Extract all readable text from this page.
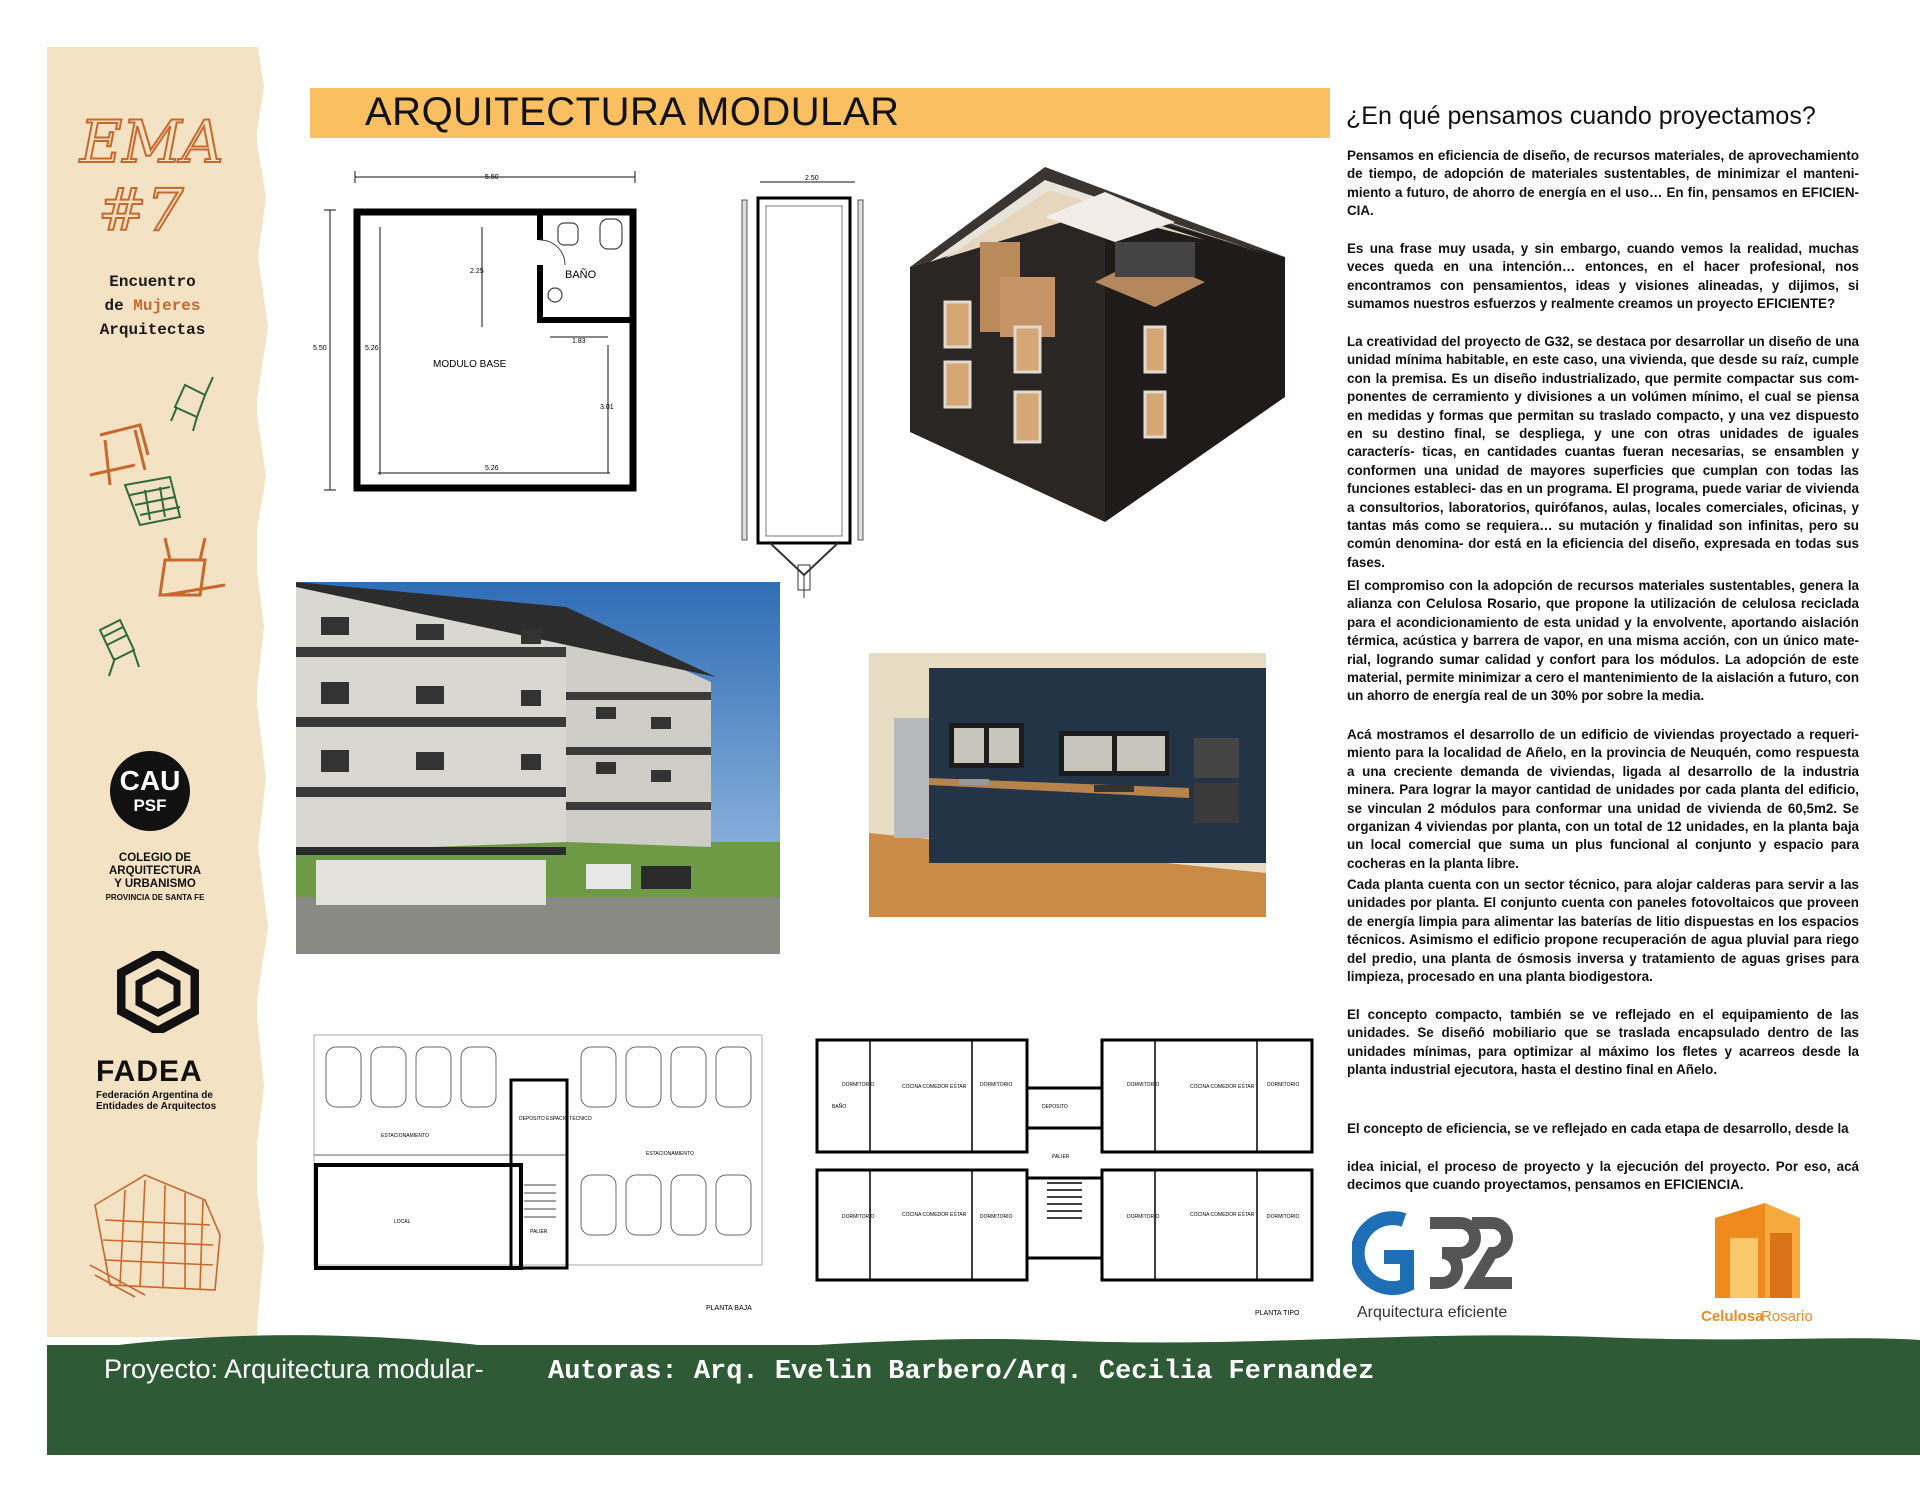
EMA
#7
Encuentro
de Mujeres
Arquitectas
CAU
PSF
COLEGIO DE
ARQUITECTURA
Y URBANISMO
PROVINCIA DE SANTA FE
FADEA
Federación Argentina de Entidades de Arquitectos
ARQUITECTURA MODULAR
BAÑO
MODULO BASE
5.50
5.50	5.26
5.26
2.25
1.83
3.01
2.50
ESTACIONAMIENTO
ESTACIONAMIENTO
DEPOSITO ESPACIO TECNICO
LOCAL
PALIER
PLANTA BAJA
DORMITORIO	COCINA COMEDOR ESTAR	DORMITORIO
BAÑO	DEPOSITO
PALIER
DORMITORIO	COCINA COMEDOR ESTAR	DORMITORIO
DORMITORIO	COCINA COMEDOR ESTAR	DORMITORIO	DORMITORIO	COCINA COMEDOR ESTAR	DORMITORIO
PLANTA TIPO
¿En qué pensamos cuando proyectamos?
Pensamos en eficiencia de diseño, de recursos materiales, de aprovechamiento de tiempo, de adopción de materiales sustentables, de minimizar el manteni- miento a futuro, de ahorro de energía en el uso… En fin, pensamos en EFICIEN- CIA.
Es una frase muy usada, y sin embargo, cuando vemos la realidad, muchas veces queda en una intención… entonces, en el hacer profesional, nos encontramos con pensamientos, ideas y visiones alineadas, y dijimos, si sumamos nuestros esfuerzos y realmente creamos un proyecto EFICIENTE?
La creatividad del proyecto de G32, se destaca por desarrollar un diseño de una unidad mínima habitable, en este caso, una vivienda, que desde su raíz, cumple con la premisa. Es un diseño industrializado, que permite compactar sus com- ponentes de cerramiento y divisiones a un volúmen mínimo, el cual se piensa en medidas y formas que permitan su traslado compacto, y una vez dispuesto en su destino final, se despliega, y une con otras unidades de iguales caracterís- ticas, en cantidades cuantas fueran necesarias, se ensamblen y conformen una unidad de mayores superficies que cumplan con todas las funciones estableci- das en un programa. El programa, puede variar de vivienda a consultorios, laboratorios, quirófanos, aulas, locales comerciales, oficinas, y tantas más como se requiera… su mutación y finalidad son infinitas, pero su común denomina- dor está en la eficiencia del diseño, expresada en todas sus fases.
El compromiso con la adopción de recursos materiales sustentables, genera la alianza con Celulosa Rosario, que propone la utilización de celulosa reciclada para el acondicionamiento de esta unidad y la envolvente, aportando aislación térmica, acústica y barrera de vapor, en una misma acción, con un único mate- rial, logrando sumar calidad y confort para los módulos. La adopción de este material, permite minimizar a cero el mantenimiento de la aislación a futuro, con un ahorro de energía real de un 30% por sobre la media.
Acá mostramos el desarrollo de un edificio de viviendas proyectado a requeri- miento para la localidad de Añelo, en la provincia de Neuquén, como respuesta a una creciente demanda de viviendas, ligada al desarrollo de la industria minera. Para lograr la mayor cantidad de unidades por cada planta del edificio, se vinculan 2 módulos para conformar una unidad de vivienda de 60,5m2. Se organizan 4 viviendas por planta, con un total de 12 unidades, en la planta baja un local comercial que suma un plus funcional al conjunto y espacio para cocheras en la planta libre.
Cada planta cuenta con un sector técnico, para alojar calderas para servir a las unidades por planta. El conjunto cuenta con paneles fotovoltaicos que proveen de energía limpia para alimentar las baterías de litio dispuestas en los espacios técnicos. Asimismo el edificio propone recuperación de agua pluvial para riego del predio, una planta de ósmosis inversa y tratamiento de aguas grises para limpieza, procesado en una planta biodigestora.
El concepto compacto, también se ve reflejado en el equipamiento de las unidades. Se diseñó mobiliario que se traslada encapsulado dentro de las unidades mínimas, para optimizar al máximo los fletes y acarreos desde la planta industrial ejecutora, hasta el destino final en Añelo.
El concepto de eficiencia, se ve reflejado en cada etapa de desarrollo, desde la
idea inicial, el proceso de proyecto y la ejecución del proyecto. Por eso, acá decimos que cuando proyectamos, pensamos en EFICIENCIA.
G32
Arquitectura eficiente	Celulosa
Rosario
Proyecto: Arquitectura modular- Autoras: Arq. Evelin Barbero/Arq. Cecilia Fernandez
